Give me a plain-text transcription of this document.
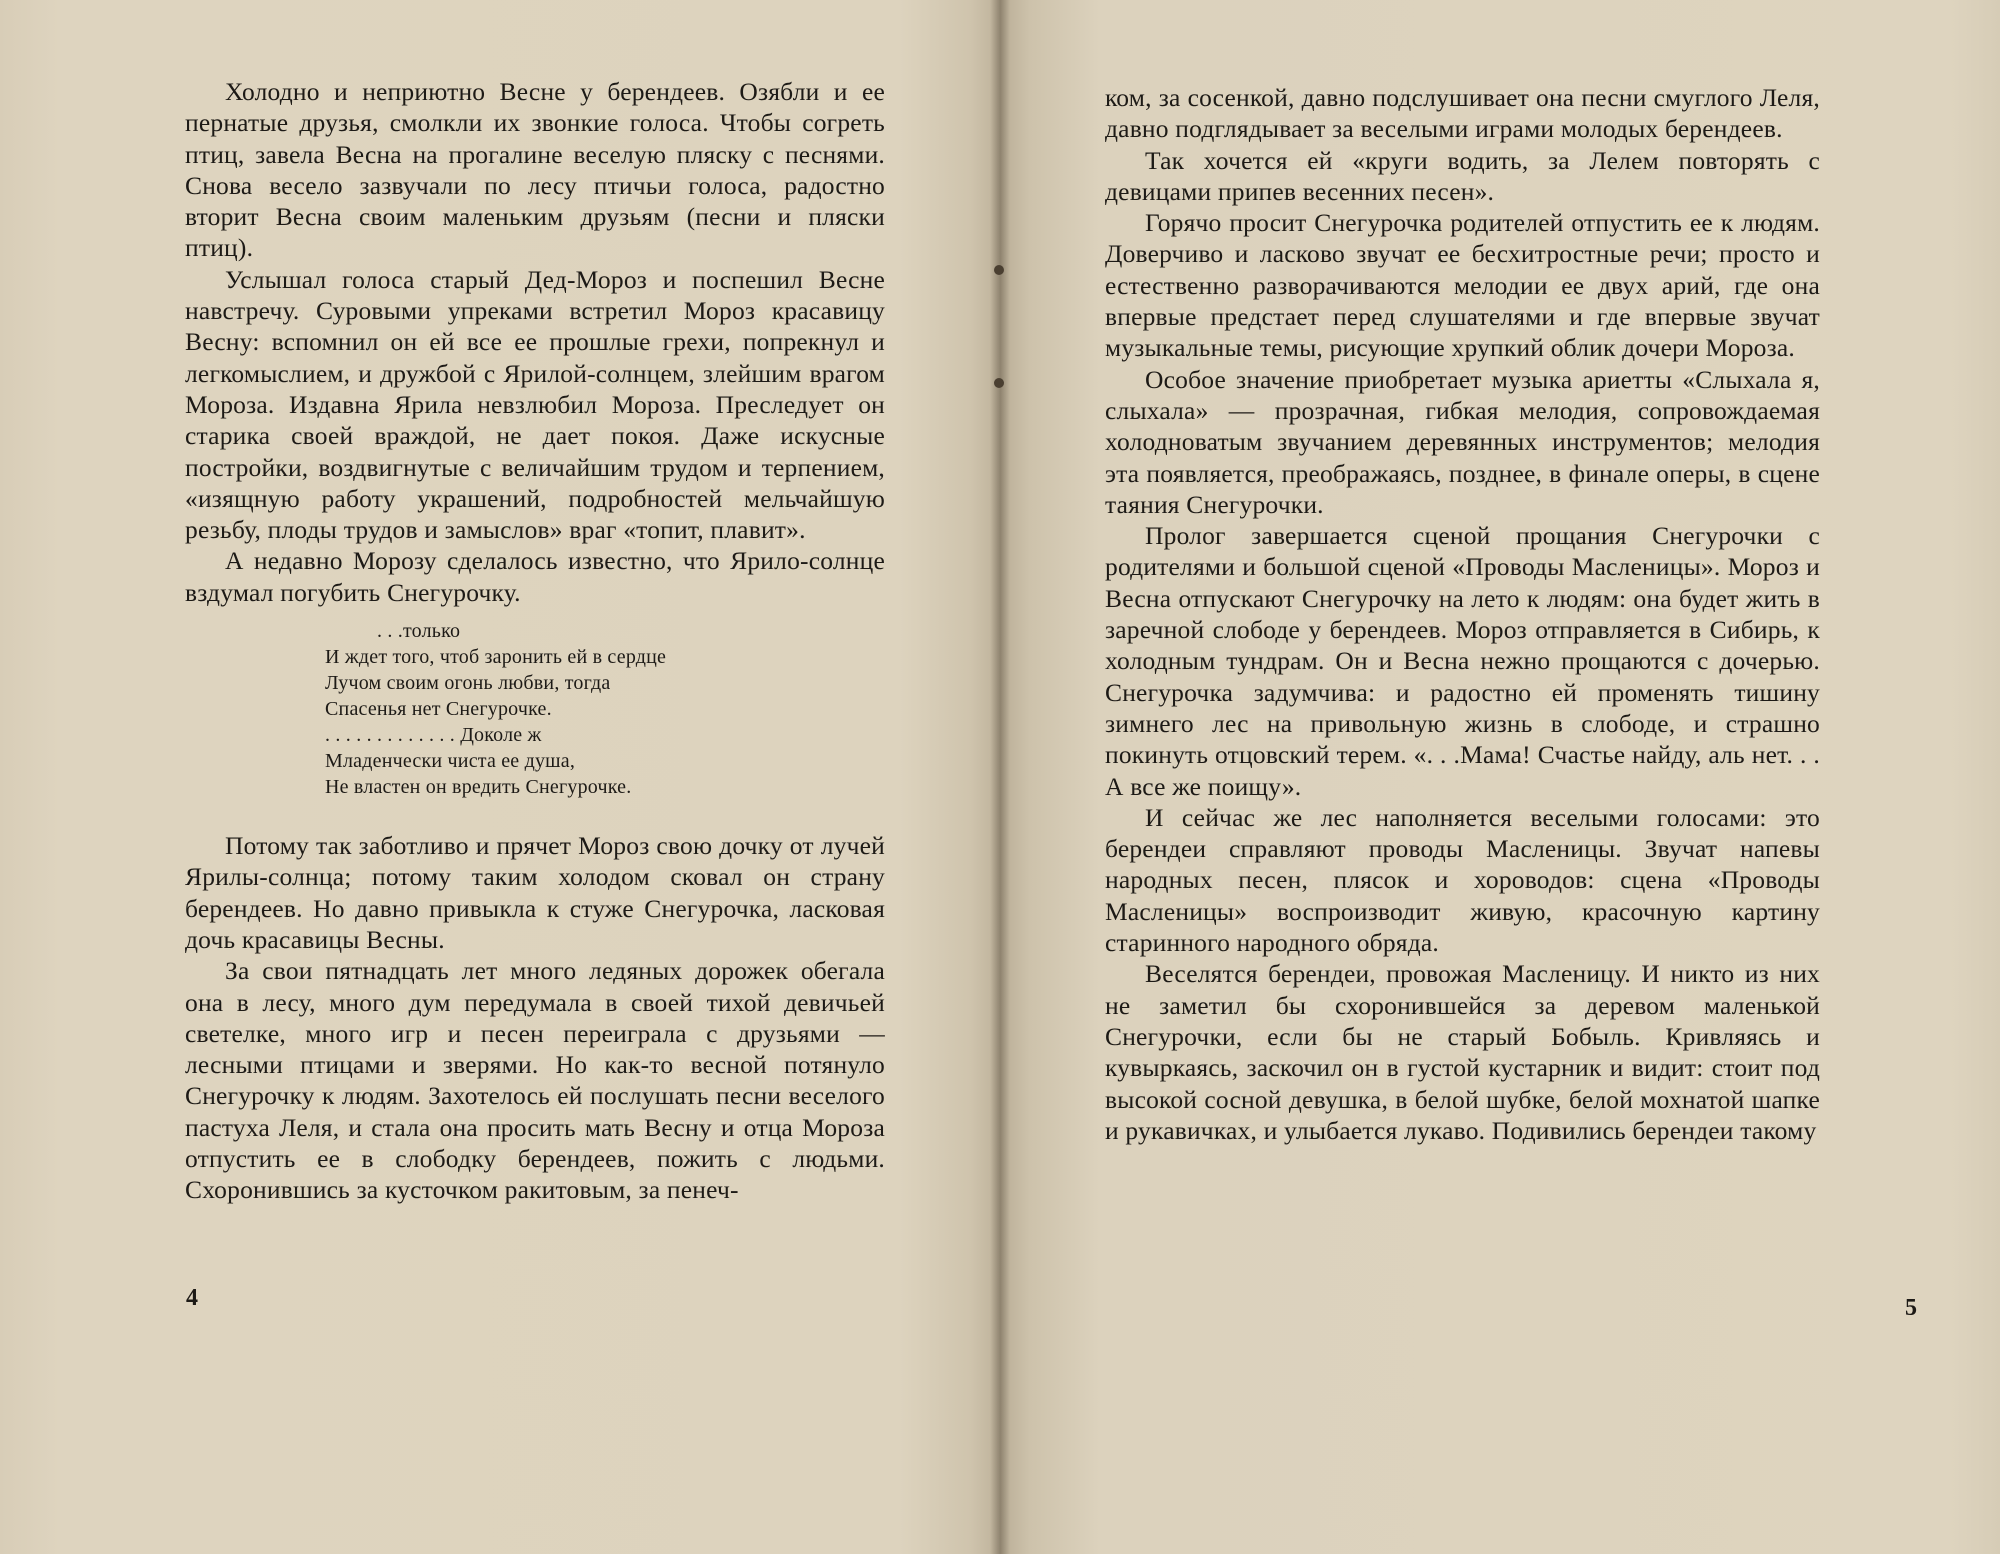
Холодно и неприютно Весне у берендеев. Озябли и ее пернатые друзья, смолкли их звонкие голоса. Чтобы согреть птиц, завела Весна на прогалине веселую пляску с песнями. Снова весело зазвучали по лесу птичьи голоса, радостно вторит Весна своим маленьким друзьям (песни и пляски птиц).

Услышал голоса старый Дед-Мороз и поспешил Весне навстречу. Суровыми упреками встретил Мороз красавицу Весну: вспомнил он ей все ее прошлые грехи, попрекнул и легкомыслием, и дружбой с Ярилой-солнцем, злейшим врагом Мороза. Издавна Ярила невзлюбил Мороза. Преследует он старика своей враждой, не дает покоя. Даже искусные постройки, воздвигнутые с величайшим трудом и терпением, «изящную работу украшений, подробностей мельчайшую резьбу, плоды трудов и замыслов» враг «топит, плавит».

А недавно Морозу сделалось известно, что Ярило-солнце вздумал погубить Снегурочку.

. . .только
И ждет того, чтоб заронить ей в сердце
Лучом своим огонь любви, тогда
Спасенья нет Снегурочке.
. . . . . . . . . . . . . Доколе ж
Младенчески чиста ее душа,
Не властен он вредить Снегурочке.

Потому так заботливо и прячет Мороз свою дочку от лучей Ярилы-солнца; потому таким холодом сковал он страну берендеев. Но давно привыкла к стуже Снегурочка, ласковая дочь красавицы Весны.

За свои пятнадцать лет много ледяных дорожек обегала она в лесу, много дум передумала в своей тихой девичьей светелке, много игр и песен переиграла с друзьями — лесными птицами и зверями. Но как-то весной потянуло Снегурочку к людям. Захотелось ей послушать песни веселого пастуха Леля, и стала она просить мать Весну и отца Мороза отпустить ее в слободку берендеев, пожить с людьми. Схоронившись за кусточком ракитовым, за пенеч-

4

ком, за сосенкой, давно подслушивает она песни смуглого Леля, давно подглядывает за веселыми играми молодых берендеев.

Так хочется ей «круги водить, за Лелем повторять с девицами припев весенних песен».

Горячо просит Снегурочка родителей отпустить ее к людям. Доверчиво и ласково звучат ее бесхитростные речи; просто и естественно разворачиваются мелодии ее двух арий, где она впервые предстает перед слушателями и где впервые звучат музыкальные темы, рисующие хрупкий облик дочери Мороза.

Особое значение приобретает музыка ариетты «Слыхала я, слыхала» — прозрачная, гибкая мелодия, сопровождаемая холодноватым звучанием деревянных инструментов; мелодия эта появляется, преображаясь, позднее, в финале оперы, в сцене таяния Снегурочки.

Пролог завершается сценой прощания Снегурочки с родителями и большой сценой «Проводы Масленицы». Мороз и Весна отпускают Снегурочку на лето к людям: она будет жить в заречной слободе у берендеев. Мороз отправляется в Сибирь, к холодным тундрам. Он и Весна нежно прощаются с дочерью. Снегурочка задумчива: и радостно ей променять тишину зимнего лес на привольную жизнь в слободе, и страшно покинуть отцовский терем. «. . .Мама! Счастье найду, аль нет. . . А все же поищу».

И сейчас же лес наполняется веселыми голосами: это берендеи справляют проводы Масленицы. Звучат напевы народных песен, плясок и хороводов: сцена «Проводы Масленицы» воспроизводит живую, красочную картину старинного народного обряда.

Веселятся берендеи, провожая Масленицу. И никто из них не заметил бы схоронившейся за деревом маленькой Снегурочки, если бы не старый Бобыль. Кривляясь и кувыркаясь, заскочил он в густой кустарник и видит: стоит под высокой сосной девушка, в белой шубке, белой мохнатой шапке и рукавичках, и улыбается лукаво. Подивились берендеи такому

5
